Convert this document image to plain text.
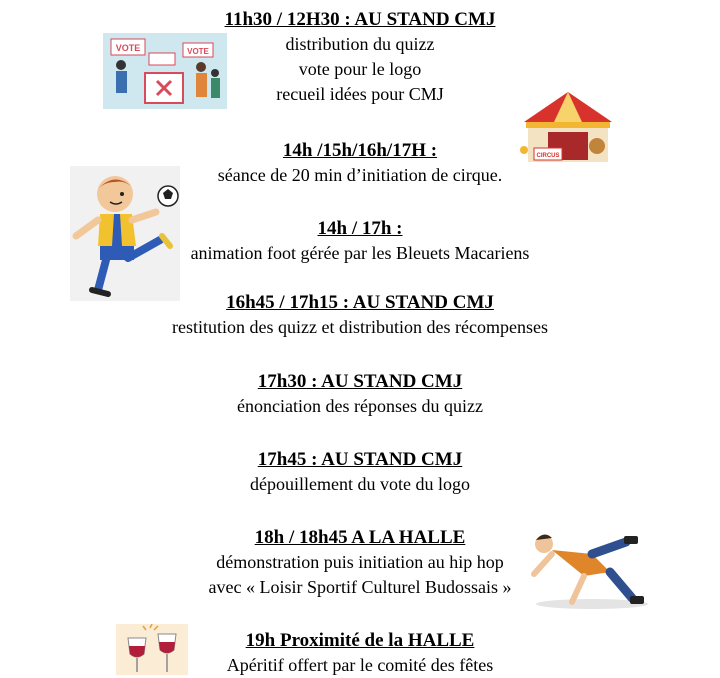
11h30 / 12H30 : AU STAND CMJ

distribution du quizz

vote pour le logo

recueil idées pour CMJ

14h /15h/16h/17H :

séance de 20 min d’initiation de cirque.

14h / 17h :

animation foot gérée par les Bleuets Macariens

16h45 / 17h15 : AU STAND CMJ

restitution des quizz et distribution des récompenses

17h30 : AU STAND CMJ

énonciation des réponses du quizz

17h45 : AU STAND CMJ

dépouillement du vote du logo

18h / 18h45 A LA HALLE

démonstration puis initiation au hip hop

avec « Loisir Sportif Culturel Budossais »

19h Proximité de la HALLE

Apéritif offert par le comité des fêtes

VOTE	VOTE
CIRCUS
